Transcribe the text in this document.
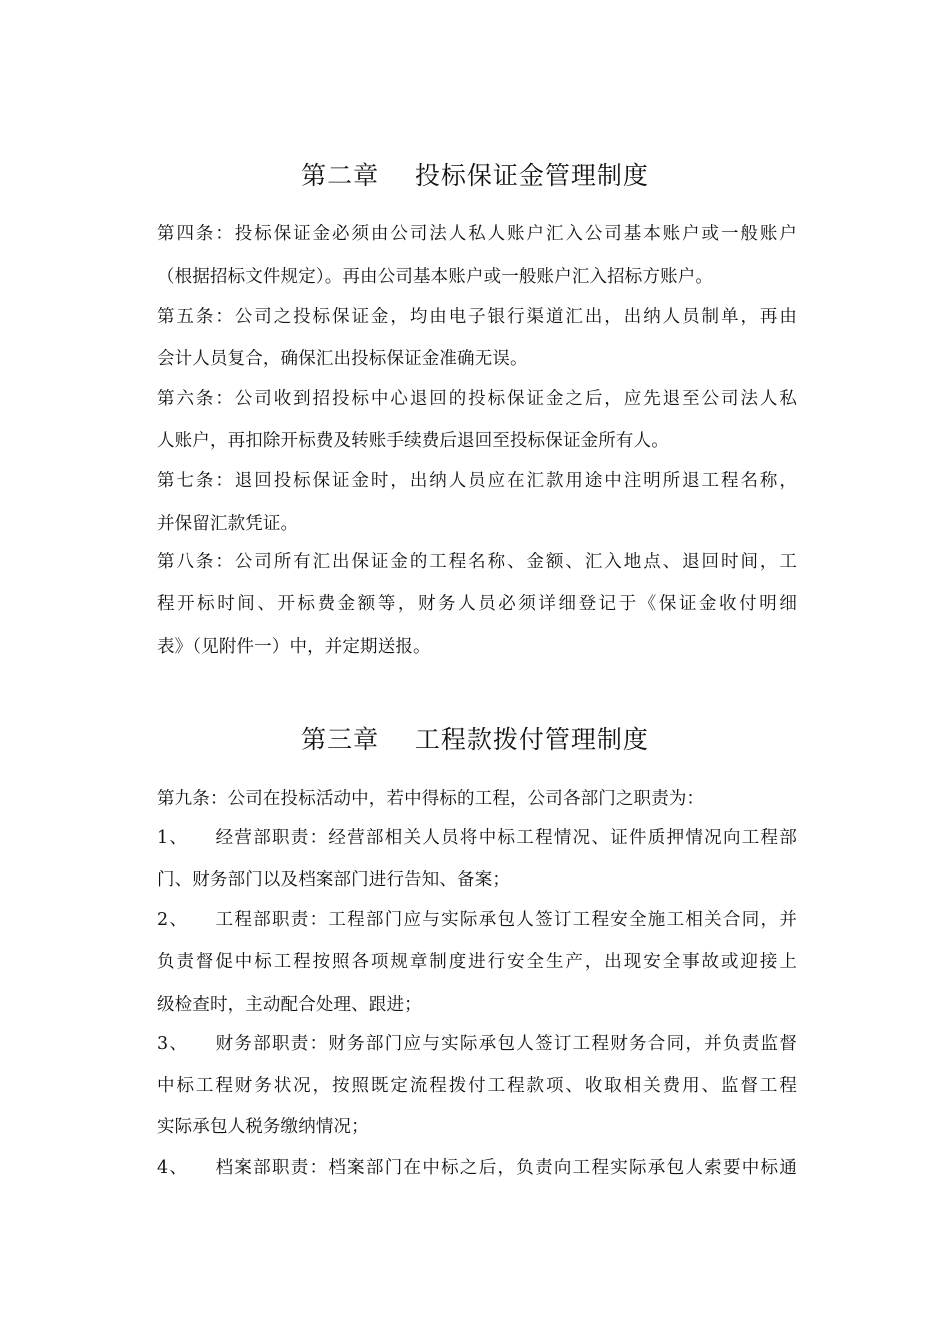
第二章    投标保证金管理制度

第四条：投标保证金必须由公司法人私人账户汇入公司基本账户或一般账户

（根据招标文件规定）。再由公司基本账户或一般账户汇入招标方账户。

第五条：公司之投标保证金，均由电子银行渠道汇出，出纳人员制单，再由

会计人员复合，确保汇出投标保证金准确无误。

第六条：公司收到招投标中心退回的投标保证金之后，应先退至公司法人私

人账户，再扣除开标费及转账手续费后退回至投标保证金所有人。

第七条：退回投标保证金时，出纳人员应在汇款用途中注明所退工程名称，

并保留汇款凭证。

第八条：公司所有汇出保证金的工程名称、金额、汇入地点、退回时间，工

程开标时间、开标费金额等，财务人员必须详细登记于《保证金收付明细

表》（见附件一）中，并定期送报。

第三章    工程款拨付管理制度

第九条：公司在投标活动中，若中得标的工程，公司各部门之职责为：

1、    经营部职责：经营部相关人员将中标工程情况、证件质押情况向工程部

门、财务部门以及档案部门进行告知、备案；

2、    工程部职责：工程部门应与实际承包人签订工程安全施工相关合同，并

负责督促中标工程按照各项规章制度进行安全生产，出现安全事故或迎接上

级检查时，主动配合处理、跟进；

3、    财务部职责：财务部门应与实际承包人签订工程财务合同，并负责监督

中标工程财务状况，按照既定流程拨付工程款项、收取相关费用、监督工程

实际承包人税务缴纳情况；

4、    档案部职责：档案部门在中标之后，负责向工程实际承包人索要中标通
